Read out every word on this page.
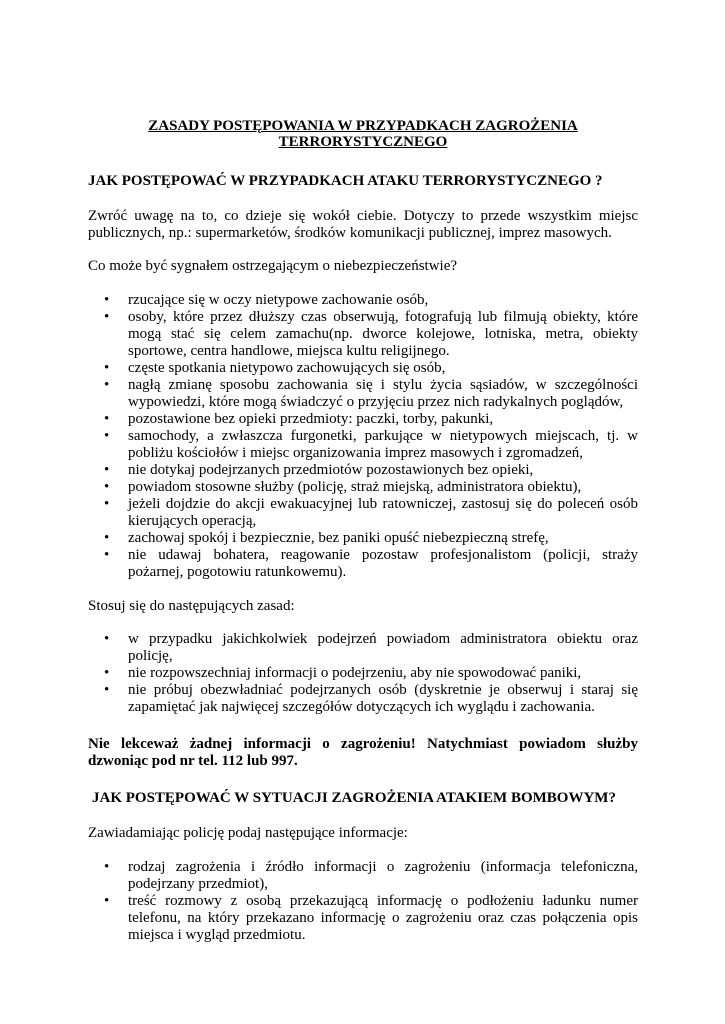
ZASADY POSTĘPOWANIA W PRZYPADKACH ZAGROŻENIA
TERRORYSTYCZNEGO
JAK POSTĘPOWAĆ W PRZYPADKACH ATAKU TERRORYSTYCZNEGO ?

Zwróć uwagę na to, co dzieje się wokół ciebie. Dotyczy to przede wszystkim miejsc publicznych, np.: supermarketów, środków komunikacji publicznej, imprez masowych.

Co może być sygnałem ostrzegającym o niebezpieczeństwie?

• rzucające się w oczy nietypowe zachowanie osób,
• osoby, które przez dłuższy czas obserwują, fotografują lub filmują obiekty, które mogą stać się celem zamachu(np. dworce kolejowe, lotniska, metra, obiekty sportowe, centra handlowe, miejsca kultu religijnego.
• częste spotkania nietypowo zachowujących się osób,
• nagłą zmianę sposobu zachowania się i stylu życia sąsiadów, w szczególności wypowiedzi, które mogą świadczyć o przyjęciu przez nich radykalnych poglądów,
• pozostawione bez opieki przedmioty: paczki, torby, pakunki,
• samochody, a zwłaszcza furgonetki, parkujące w nietypowych miejscach, tj. w pobliżu kościołów i miejsc organizowania imprez masowych i zgromadzeń,
• nie dotykaj podejrzanych przedmiotów pozostawionych bez opieki,
• powiadom stosowne służby (policję, straż miejską, administratora obiektu),
• jeżeli dojdzie do akcji ewakuacyjnej lub ratowniczej, zastosuj się do poleceń osób kierujących operacją,
• zachowaj spokój i bezpiecznie, bez paniki opuść niebezpieczną strefę,
• nie udawaj bohatera, reagowanie pozostaw profesjonalistom (policji, straży pożarnej, pogotowiu ratunkowemu).

Stosuj się do następujących zasad:

• w przypadku jakichkolwiek podejrzeń powiadom administratora obiektu oraz policję,
• nie rozpowszechniaj informacji o podejrzeniu, aby nie spowodować paniki,
• nie próbuj obezwładniać podejrzanych osób (dyskretnie je obserwuj i staraj się zapamiętać jak najwięcej szczegółów dotyczących ich wyglądu i zachowania.

Nie lekceważ żadnej informacji o zagrożeniu! Natychmiast powiadom służby dzwoniąc pod nr tel. 112 lub 997.

JAK POSTĘPOWAĆ W SYTUACJI ZAGROŻENIA ATAKIEM BOMBOWYM?

Zawiadamiając policję podaj następujące informacje:

• rodzaj zagrożenia i źródło informacji o zagrożeniu (informacja telefoniczna, podejrzany przedmiot),
• treść rozmowy z osobą przekazującą informację o podłożeniu ładunku numer telefonu, na który przekazano informację o zagrożeniu oraz czas połączenia opis miejsca i wygląd przedmiotu.
